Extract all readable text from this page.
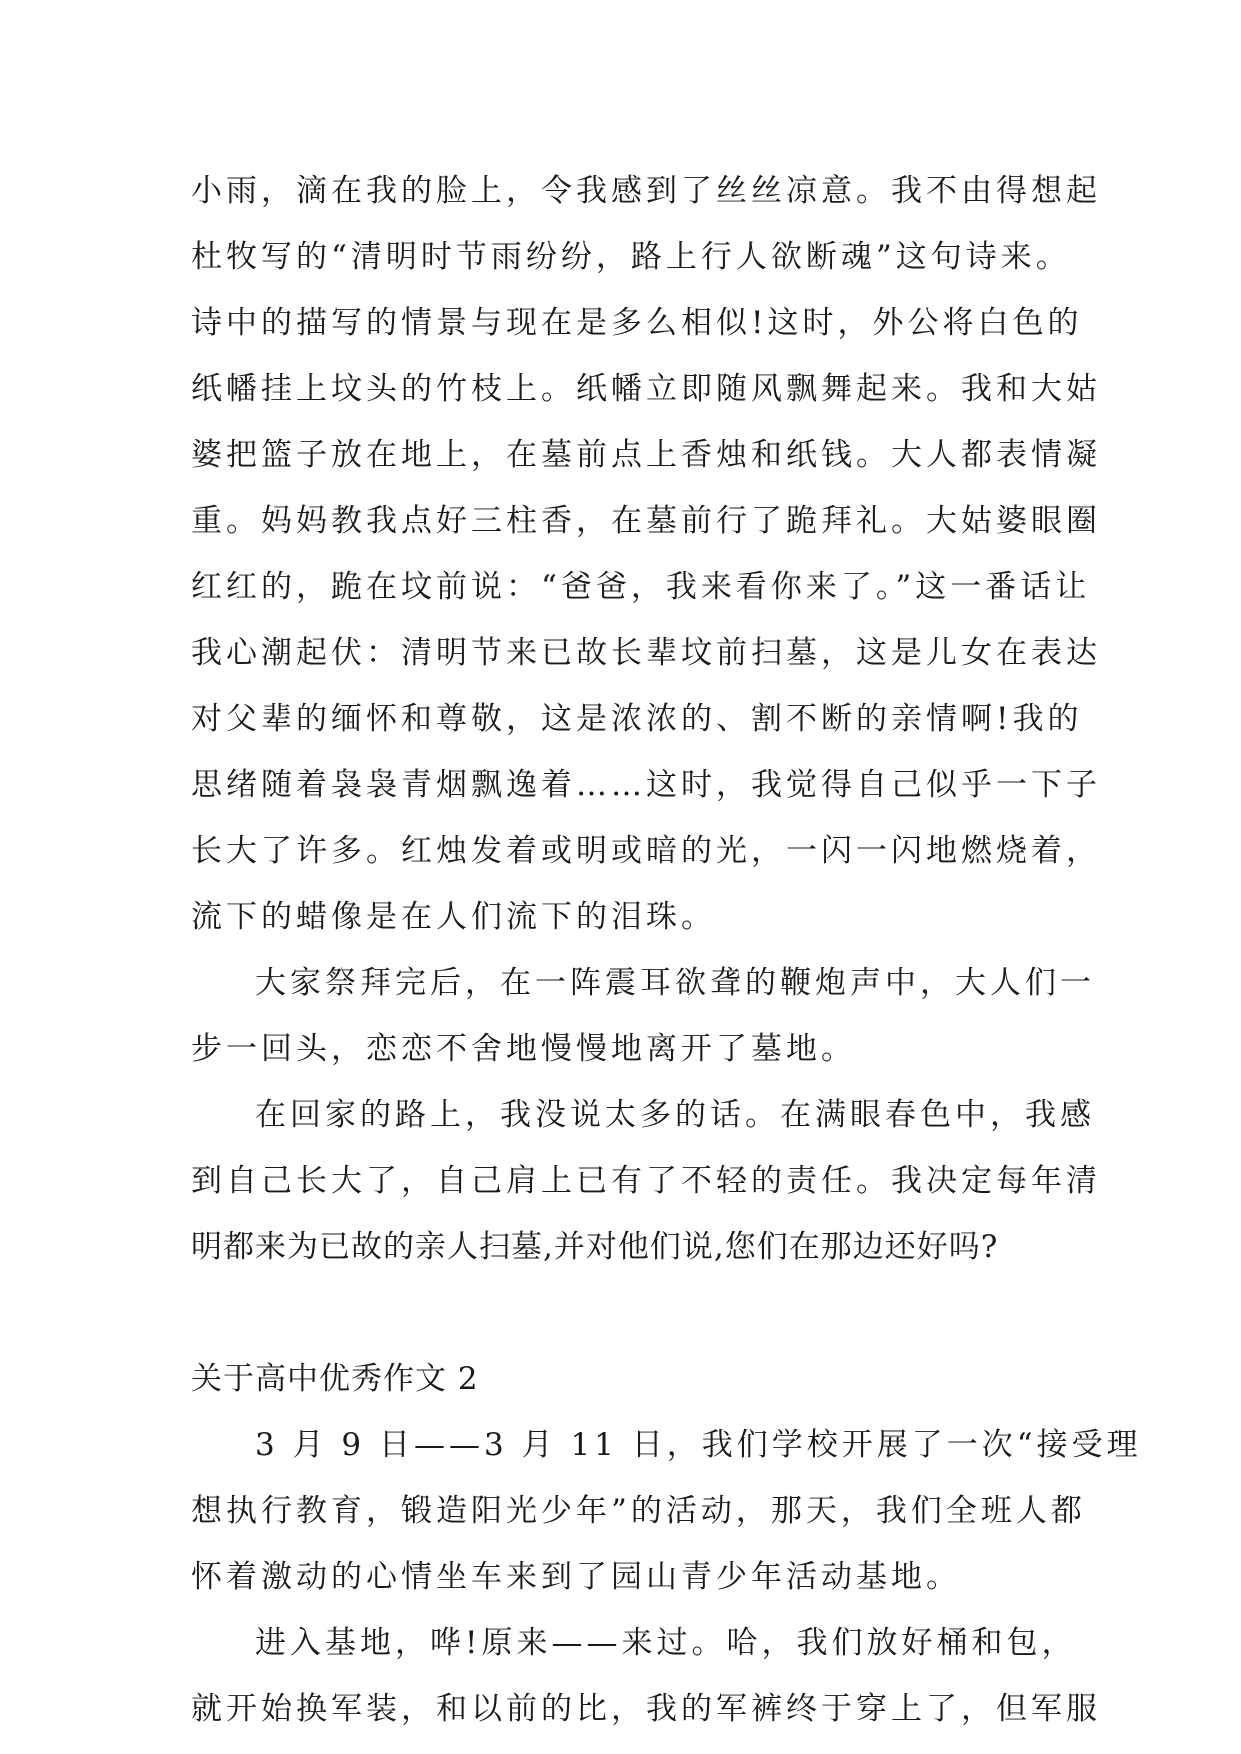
小雨，滴在我的脸上，令我感到了丝丝凉意。我不由得想起
杜牧写的“清明时节雨纷纷，路上行人欲断魂”这句诗来。
诗中的描写的情景与现在是多么相似!这时，外公将白色的
纸幡挂上坟头的竹枝上。纸幡立即随风飘舞起来。我和大姑
婆把篮子放在地上，在墓前点上香烛和纸钱。大人都表情凝
重。妈妈教我点好三柱香，在墓前行了跪拜礼。大姑婆眼圈
红红的，跪在坟前说：“爸爸，我来看你来了。”这一番话让
我心潮起伏：清明节来已故长辈坟前扫墓，这是儿女在表达
对父辈的缅怀和尊敬，这是浓浓的、割不断的亲情啊!我的
思绪随着袅袅青烟飘逸着……这时，我觉得自己似乎一下子
长大了许多。红烛发着或明或暗的光，一闪一闪地燃烧着，
流下的蜡像是在人们流下的泪珠。
大家祭拜完后，在一阵震耳欲聋的鞭炮声中，大人们一
步一回头，恋恋不舍地慢慢地离开了墓地。
在回家的路上，我没说太多的话。在满眼春色中，我感
到自己长大了，自己肩上已有了不轻的责任。我决定每年清
明都来为已故的亲人扫墓,并对他们说,您们在那边还好吗?
关于高中优秀作文 2
3 月 9 日——3 月 11 日，我们学校开展了一次“接受理
想执行教育，锻造阳光少年”的活动，那天，我们全班人都
怀着激动的心情坐车来到了园山青少年活动基地。
进入基地，哗!原来——来过。哈，我们放好桶和包，
就开始换军装，和以前的比，我的军裤终于穿上了，但军服
